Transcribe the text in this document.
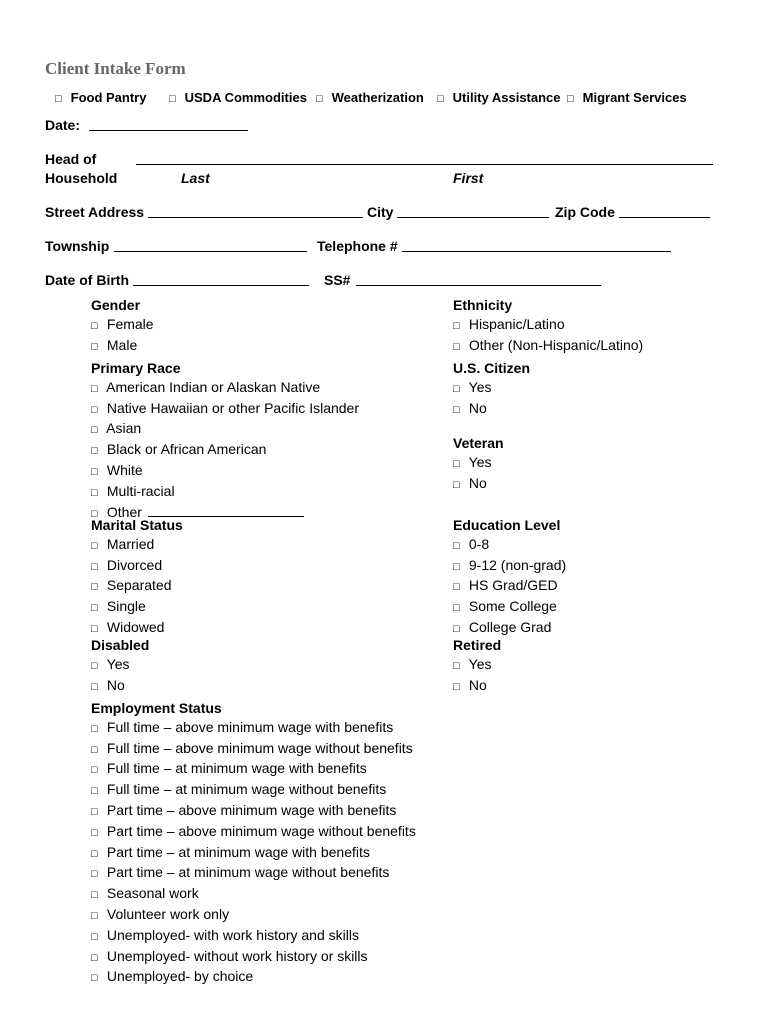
Client Intake Form
□ Food Pantry □ USDA Commodities □ Weatherization □ Utility Assistance □ Migrant Services
Date:
Head of
Household	Last	First
Street Address	City	Zip Code
Township	Telephone #
Date of Birth	SS#
Gender
□ Female
□ Male
Primary Race
□ American Indian or Alaskan Native
□ Native Hawaiian or other Pacific Islander
□ Asian
□ Black or African American
□ White
□ Multi-racial
□ Other
Marital Status
□ Married
□ Divorced
□ Separated
□ Single
□ Widowed
Disabled
□ Yes
□ No
Employment Status
□ Full time – above minimum wage with benefits
□ Full time – above minimum wage without benefits
□ Full time – at minimum wage with benefits
□ Full time – at minimum wage without benefits
□ Part time – above minimum wage with benefits
□ Part time – above minimum wage without benefits
□ Part time – at minimum wage with benefits
□ Part time – at minimum wage without benefits
□ Seasonal work
□ Volunteer work only
□ Unemployed- with work history and skills
□ Unemployed- without work history or skills
□ Unemployed- by choice
Ethnicity
□ Hispanic/Latino
□ Other (Non-Hispanic/Latino)
U.S. Citizen
□ Yes
□ No
Veteran
□ Yes
□ No
Education Level
□ 0-8
□ 9-12 (non-grad)
□ HS Grad/GED
□ Some College
□ College Grad
Retired
□ Yes
□ No
